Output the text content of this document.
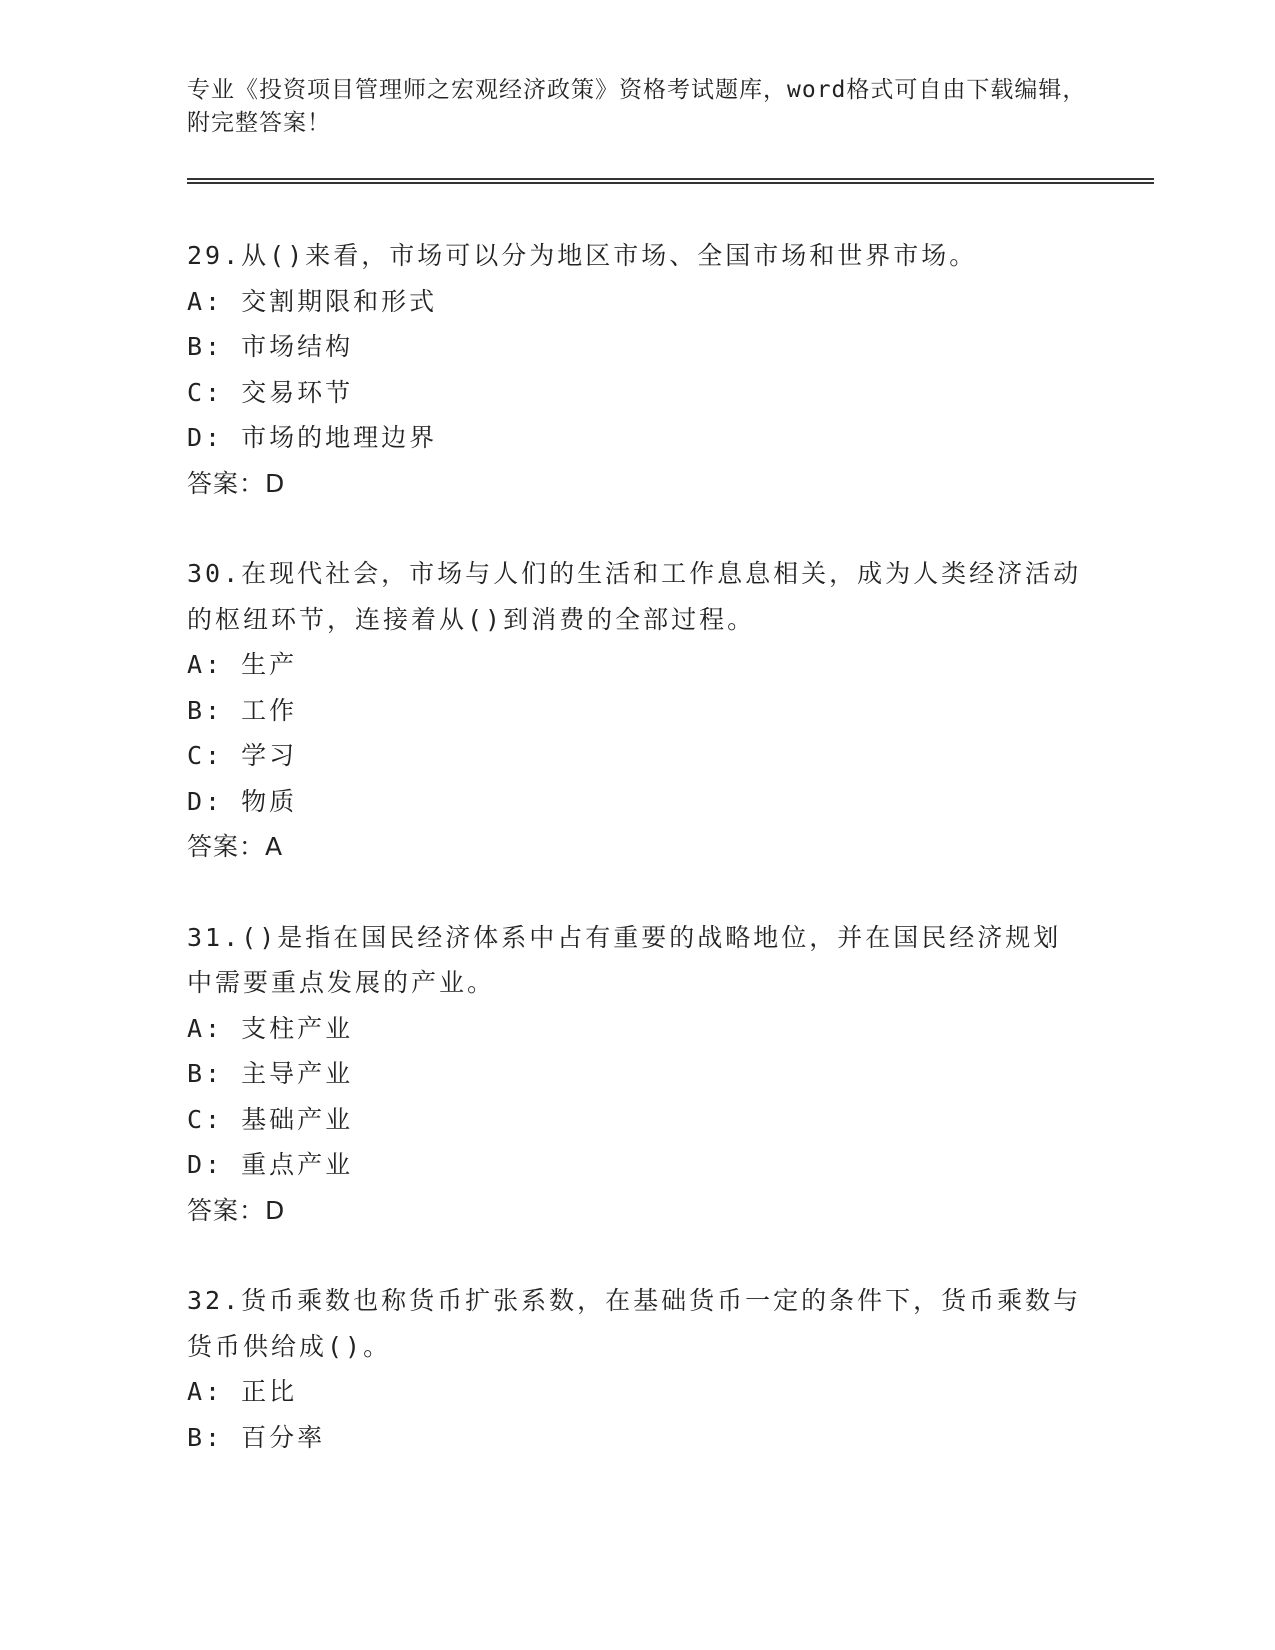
专业《投资项目管理师之宏观经济政策》资格考试题库，word格式可自由下载编辑，附完整答案！
29.从()来看，市场可以分为地区市场、全国市场和世界市场。
A: 交割期限和形式
B: 市场结构
C: 交易环节
D: 市场的地理边界
答案：D
30.在现代社会，市场与人们的生活和工作息息相关，成为人类经济活动的枢纽环节，连接着从()到消费的全部过程。
A: 生产
B: 工作
C: 学习
D: 物质
答案：A
31.()是指在国民经济体系中占有重要的战略地位，并在国民经济规划中需要重点发展的产业。
A: 支柱产业
B: 主导产业
C: 基础产业
D: 重点产业
答案：D
32.货币乘数也称货币扩张系数，在基础货币一定的条件下，货币乘数与货币供给成()。
A: 正比
B: 百分率
